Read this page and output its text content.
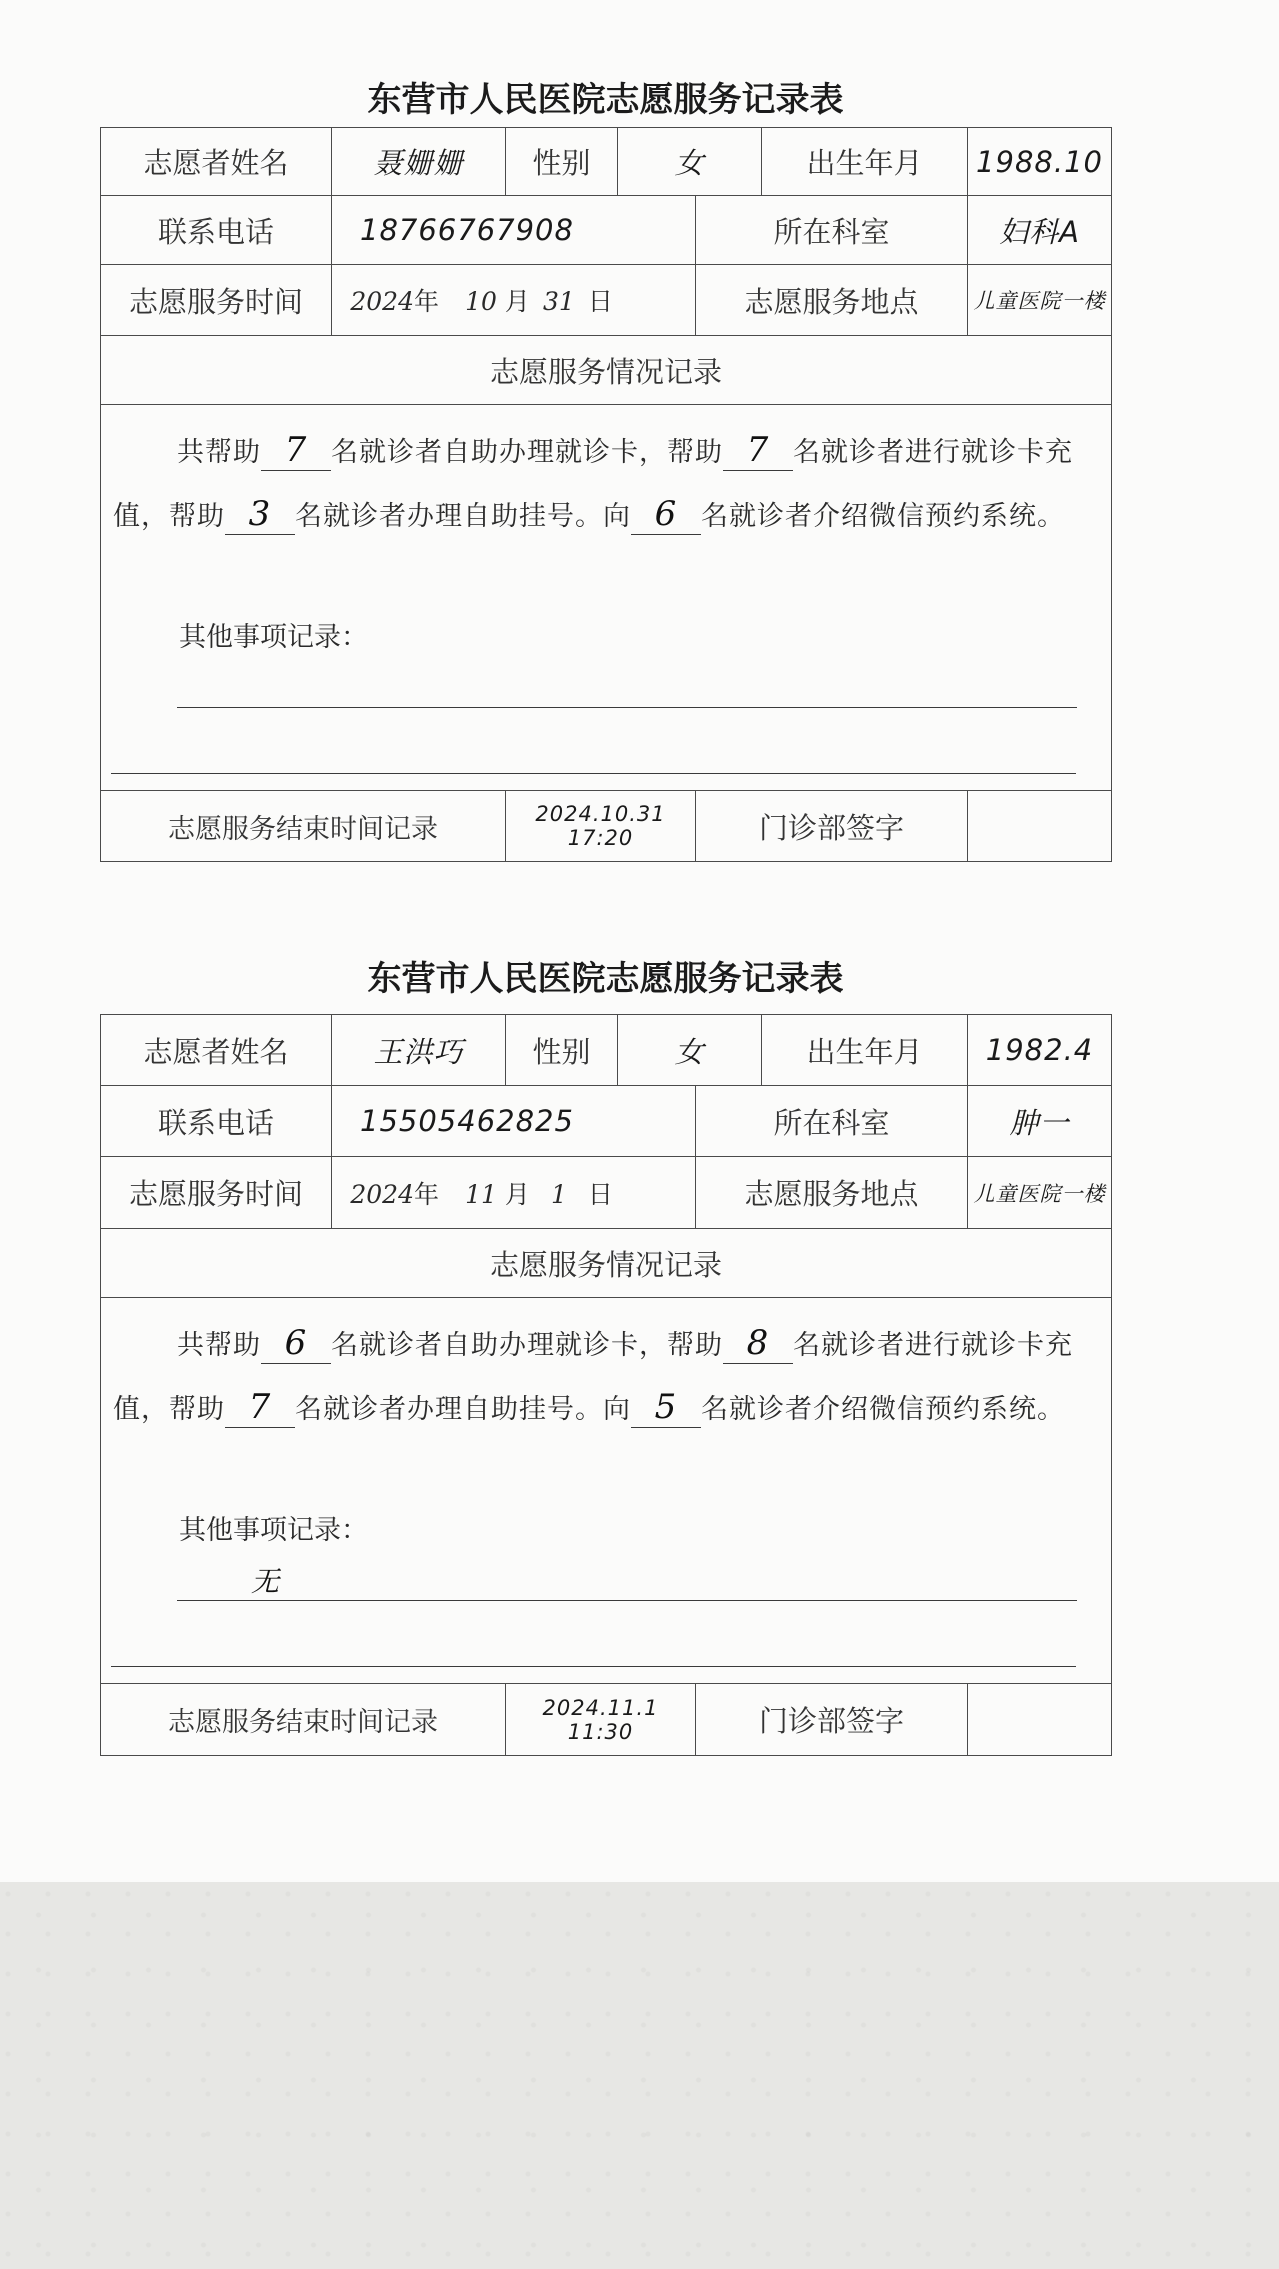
东营市人民医院志愿服务记录表
志愿者姓名	聂姗姗	性别	女		出生年月	1988.10
联系电话	18766767908			所在科室		妇科A
志愿服务时间	2024年 10 月 31 日			志愿服务地点		儿童医院一楼
志愿服务情况记录						

共帮助 7 名就诊者自助办理就诊卡，帮助 7 名就诊者进行就诊卡充值，帮助 3 名就诊者办理自助挂号。向 6 名就诊者介绍微信预约系统。
其他事项记录：						

志愿服务结束时间记录		2024.10.31 17:20		门诊部签字		
东营市人民医院志愿服务记录表
志愿者姓名	王洪巧	性别	女		出生年月	1982.4
联系电话	15505462825			所在科室		肿一
志愿服务时间	2024年 11 月 1 日			志愿服务地点		儿童医院一楼
志愿服务情况记录						

共帮助 6 名就诊者自助办理就诊卡，帮助 8 名就诊者进行就诊卡充值，帮助 7 名就诊者办理自助挂号。向 5 名就诊者介绍微信预约系统。
其他事项记录：
无						

志愿服务结束时间记录		2024.11.1 11:30		门诊部签字		
